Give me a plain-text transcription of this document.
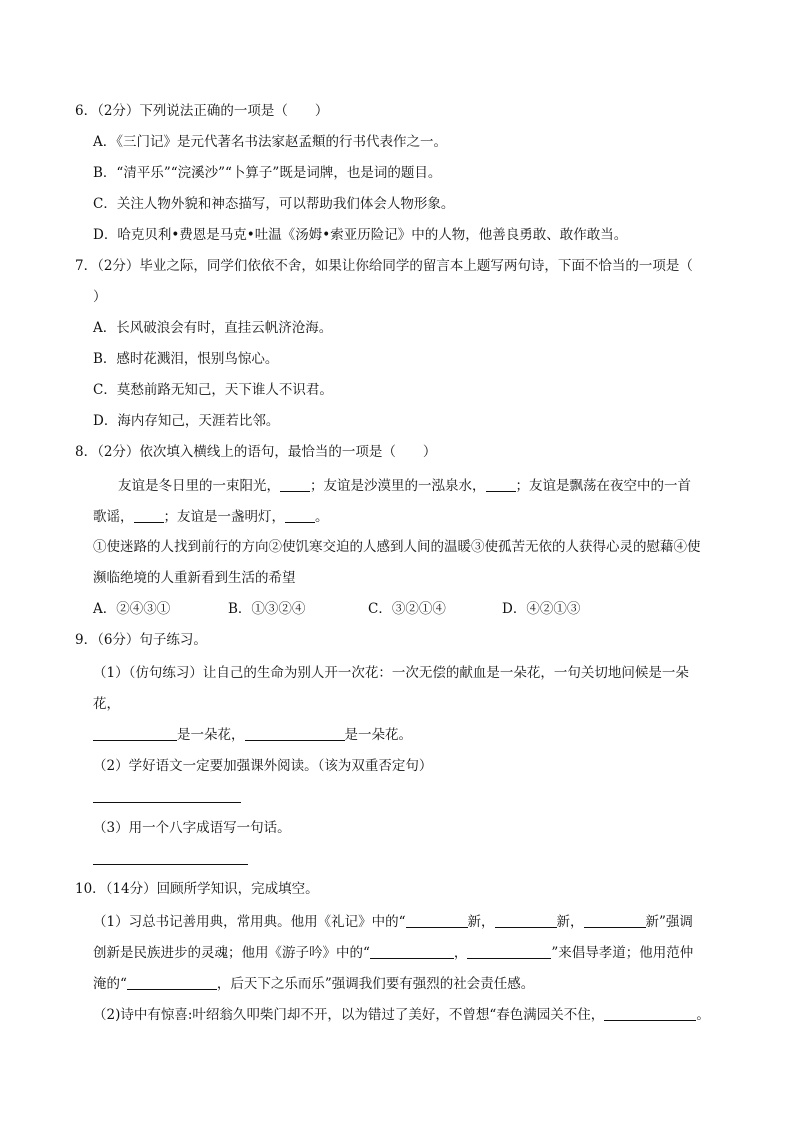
6．（2分）下列说法正确的一项是（　　）
A．《三门记》是元代著名书法家赵孟頫的行书代表作之一。
B．“清平乐”“浣溪沙”“卜算子”既是词牌，也是词的题目。
C．关注人物外貌和神态描写，可以帮助我们体会人物形象。
D．哈克贝利•费恩是马克•吐温《汤姆•索亚历险记》中的人物，他善良勇敢、敢作敢当。
7．（2分）毕业之际，同学们依依不舍，如果让你给同学的留言本上题写两句诗，下面不恰当的一项是（
）
A．长风破浪会有时，直挂云帆济沧海。
B．感时花溅泪，恨别鸟惊心。
C．莫愁前路无知己，天下谁人不识君。
D．海内存知己，天涯若比邻。
8．（2分）依次填入横线上的语句，最恰当的一项是（　　）
友谊是冬日里的一束阳光， ；友谊是沙漠里的一泓泉水， ；友谊是飘荡在夜空中的一首
歌谣， ；友谊是一盏明灯， 。
①使迷路的人找到前行的方向②使饥寒交迫的人感到人间的温暖③使孤苦无依的人获得心灵的慰藉④使
濒临绝境的人重新看到生活的希望
A．②④③①	B．①③②④	C．③②①④	D．④②①③
9．（6分）句子练习。
（1）（仿句练习）让自己的生命为别人开一次花：一次无偿的献血是一朵花，一句关切地问候是一朵
花，
是一朵花，	是一朵花。
（2）学好语文一定要加强课外阅读。（该为双重否定句）
（3）用一个八字成语写一句话。
10．（14分）回顾所学知识，完成填空。
（1）习总书记善用典，常用典。他用《礼记》中的“	新，	新，	新”强调
创新是民族进步的灵魂；他用《游子吟》中的“	，	”来倡导孝道；他用范仲
淹的“	，后天下之乐而乐”强调我们要有强烈的社会责任感。
（2)诗中有惊喜:叶绍翁久叩柴门却不开，以为错过了美好，不曾想“春色满园关不住，	。
